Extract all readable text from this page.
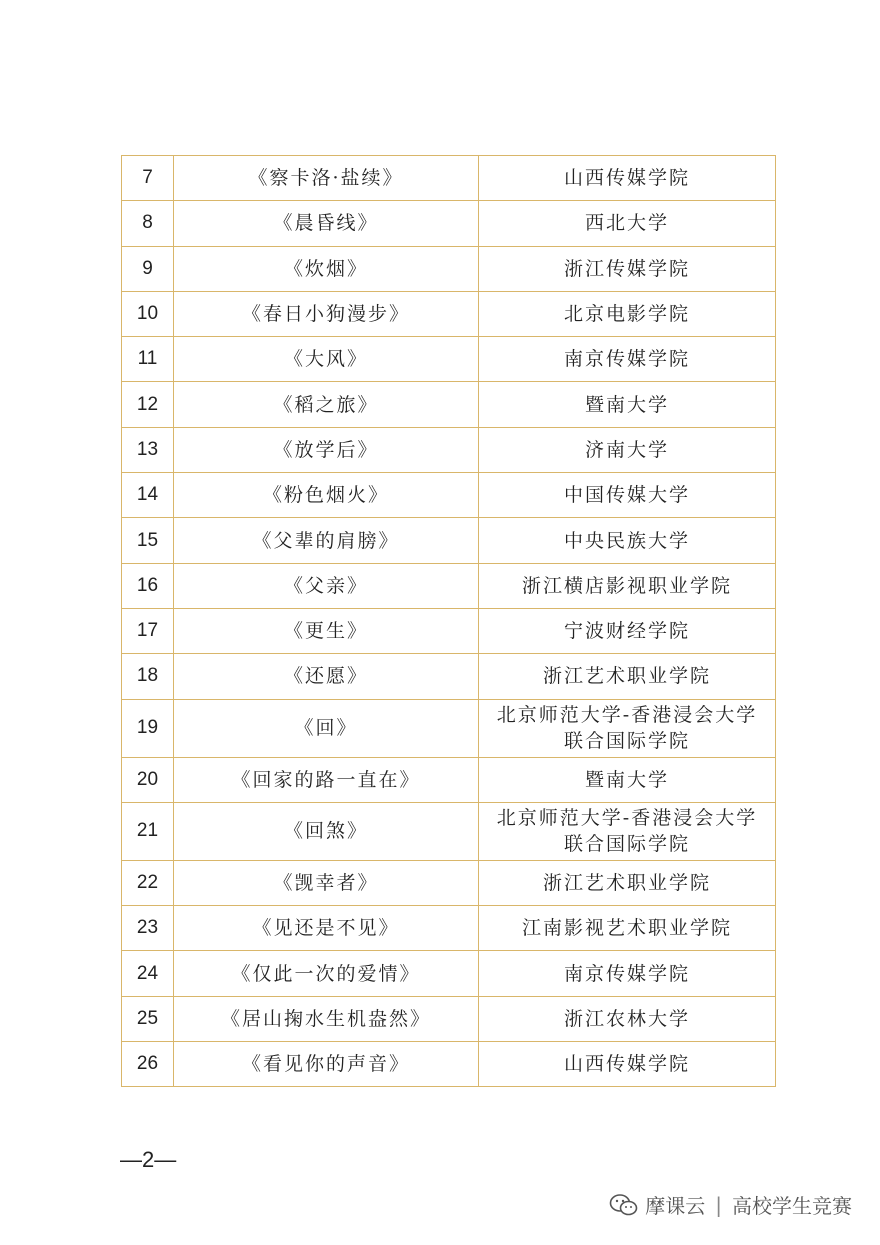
7	《察卡洛·盐续》	山西传媒学院

8	《晨昏线》	西北大学

9	《炊烟》	浙江传媒学院

10	《春日小狗漫步》	北京电影学院

11	《大风》	南京传媒学院

12	《稻之旅》	暨南大学

13	《放学后》	济南大学

14	《粉色烟火》	中国传媒大学

15	《父辈的肩膀》	中央民族大学

16	《父亲》	浙江横店影视职业学院

17	《更生》	宁波财经学院

18	《还愿》	浙江艺术职业学院

19	《回》	北京师范大学-香港浸会大学
联合国际学院

20	《回家的路一直在》	暨南大学

21	《回煞》	北京师范大学-香港浸会大学
联合国际学院

22	《觊幸者》	浙江艺术职业学院

23	《见还是不见》	江南影视艺术职业学院

24	《仅此一次的爱情》	南京传媒学院

25	《居山掬水生机盎然》	浙江农林大学

26	《看见你的声音》	山西传媒学院
—2—
摩课云 | 高校学生竞赛
